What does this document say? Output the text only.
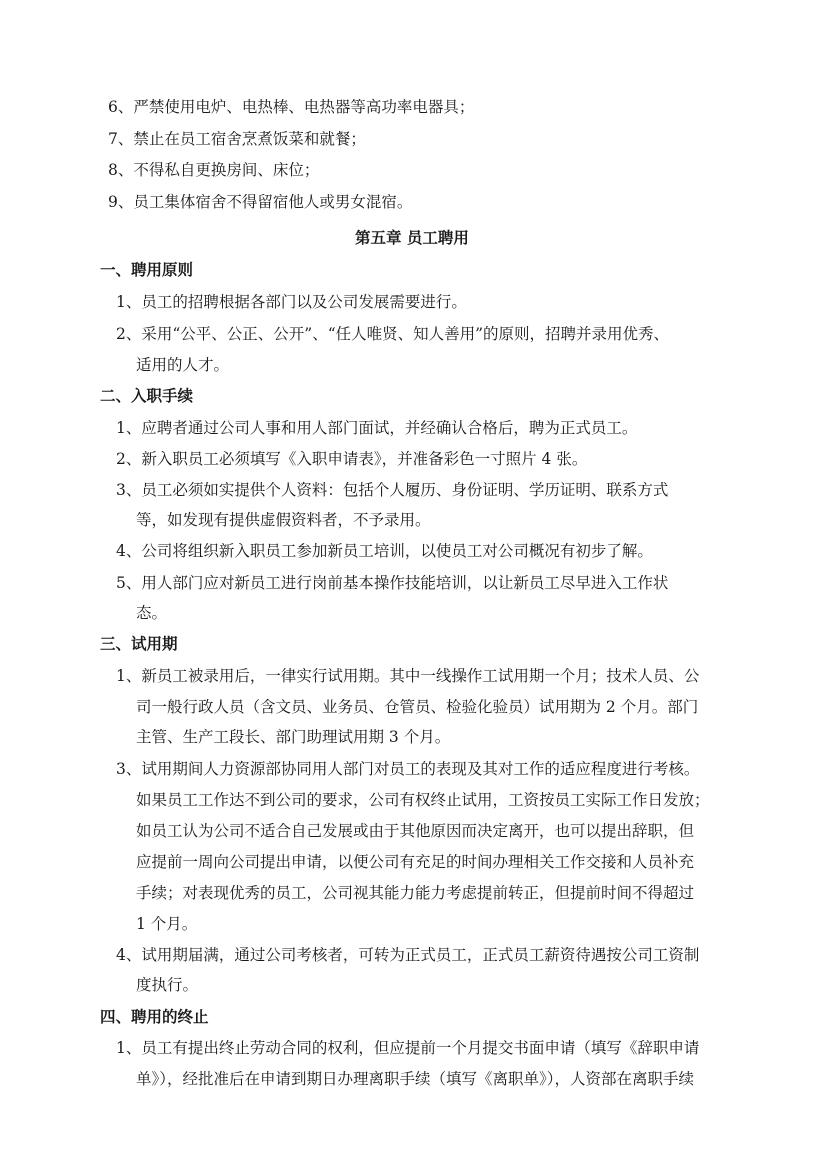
6、严禁使用电炉、电热棒、电热器等高功率电器具；
7、禁止在员工宿舍烹煮饭菜和就餐；
8、不得私自更换房间、床位；
9、员工集体宿舍不得留宿他人或男女混宿。
第五章 员工聘用
一、聘用原则
1、员工的招聘根据各部门以及公司发展需要进行。
2、采用“公平、公正、公开”、“任人唯贤、知人善用”的原则，招聘并录用优秀、
适用的人才。
二、入职手续
1、应聘者通过公司人事和用人部门面试，并经确认合格后，聘为正式员工。
2、新入职员工必须填写《入职申请表》，并准备彩色一寸照片 4 张。
3、员工必须如实提供个人资料：包括个人履历、身份证明、学历证明、联系方式
等，如发现有提供虚假资料者，不予录用。
4、公司将组织新入职员工参加新员工培训，以使员工对公司概况有初步了解。
5、用人部门应对新员工进行岗前基本操作技能培训，以让新员工尽早进入工作状
态。
三、试用期
1、新员工被录用后，一律实行试用期。其中一线操作工试用期一个月；技术人员、公
司一般行政人员（含文员、业务员、仓管员、检验化验员）试用期为 2 个月。部门
主管、生产工段长、部门助理试用期 3 个月。
3、试用期间人力资源部协同用人部门对员工的表现及其对工作的适应程度进行考核。
如果员工工作达不到公司的要求，公司有权终止试用，工资按员工实际工作日发放；
如员工认为公司不适合自己发展或由于其他原因而决定离开，也可以提出辞职，但
应提前一周向公司提出申请，以便公司有充足的时间办理相关工作交接和人员补充
手续；对表现优秀的员工，公司视其能力能力考虑提前转正，但提前时间不得超过
1 个月。
4、试用期届满，通过公司考核者，可转为正式员工，正式员工薪资待遇按公司工资制
度执行。
四、聘用的终止
1、员工有提出终止劳动合同的权利，但应提前一个月提交书面申请（填写《辞职申请
单》），经批准后在申请到期日办理离职手续（填写《离职单》），人资部在离职手续
